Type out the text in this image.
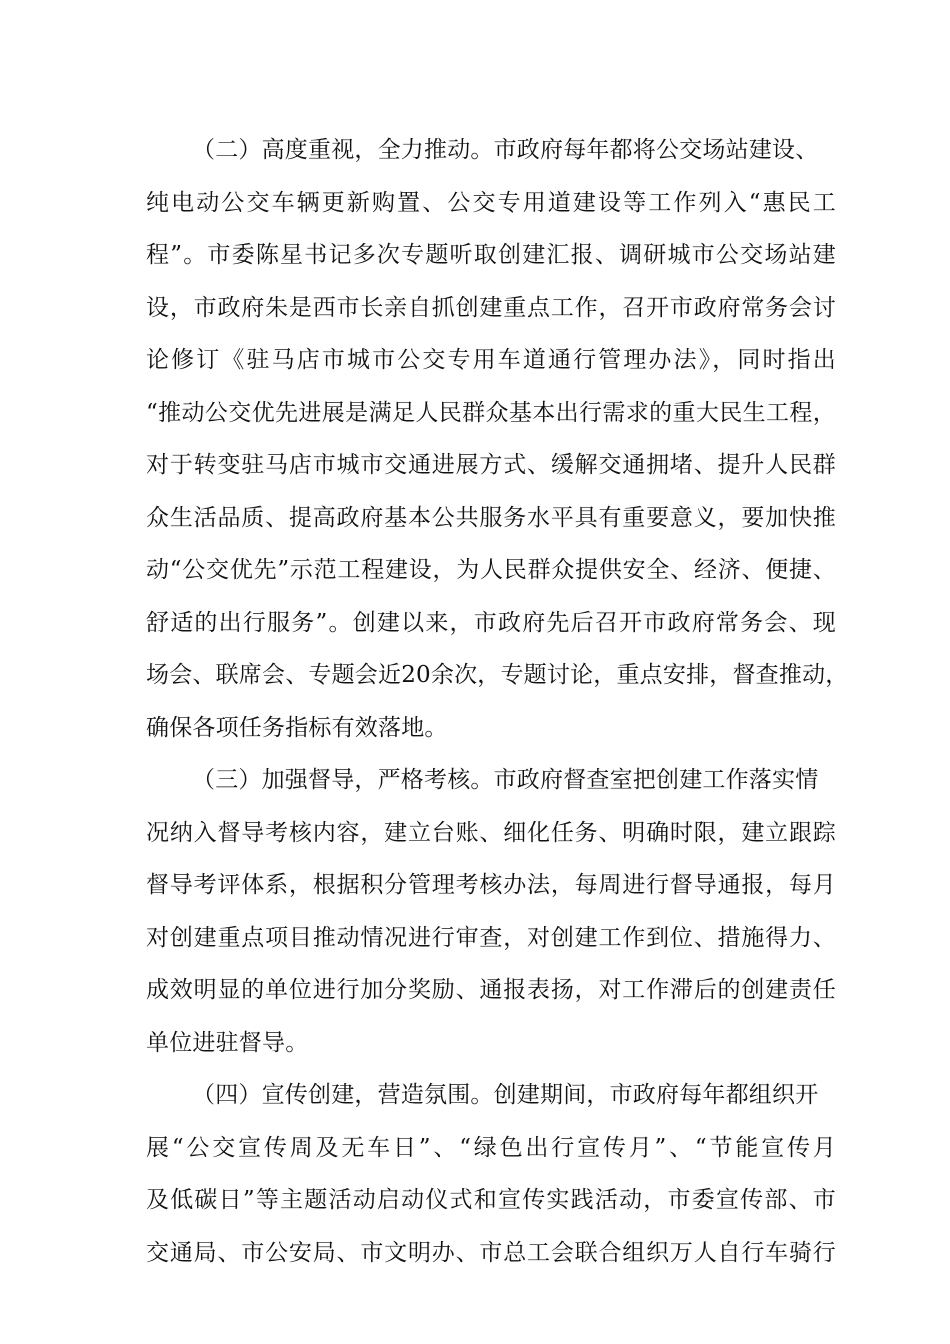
（二）高度重视，全力推动。市政府每年都将公交场站建设、
纯电动公交车辆更新购置、公交专用道建设等工作列入“惠民工
程”。市委陈星书记多次专题听取创建汇报、调研城市公交场站建
设，市政府朱是西市长亲自抓创建重点工作，召开市政府常务会讨
论修订《驻马店市城市公交专用车道通行管理办法》，同时指出
“推动公交优先进展是满足人民群众基本出行需求的重大民生工程，
对于转变驻马店市城市交通进展方式、缓解交通拥堵、提升人民群
众生活品质、提高政府基本公共服务水平具有重要意义，要加快推
动“公交优先”示范工程建设，为人民群众提供安全、经济、便捷、
舒适的出行服务”。创建以来，市政府先后召开市政府常务会、现
场会、联席会、专题会近20余次，专题讨论，重点安排，督查推动，
确保各项任务指标有效落地。
（三）加强督导，严格考核。市政府督查室把创建工作落实情
况纳入督导考核内容，建立台账、细化任务、明确时限，建立跟踪
督导考评体系，根据积分管理考核办法，每周进行督导通报，每月
对创建重点项目推动情况进行审查，对创建工作到位、措施得力、
成效明显的单位进行加分奖励、通报表扬，对工作滞后的创建责任
单位进驻督导。
（四）宣传创建，营造氛围。创建期间，市政府每年都组织开
展“公交宣传周及无车日”、“绿色出行宣传月”、“节能宣传月
及低碳日”等主题活动启动仪式和宣传实践活动，市委宣传部、市
交通局、市公安局、市文明办、市总工会联合组织万人自行车骑行
